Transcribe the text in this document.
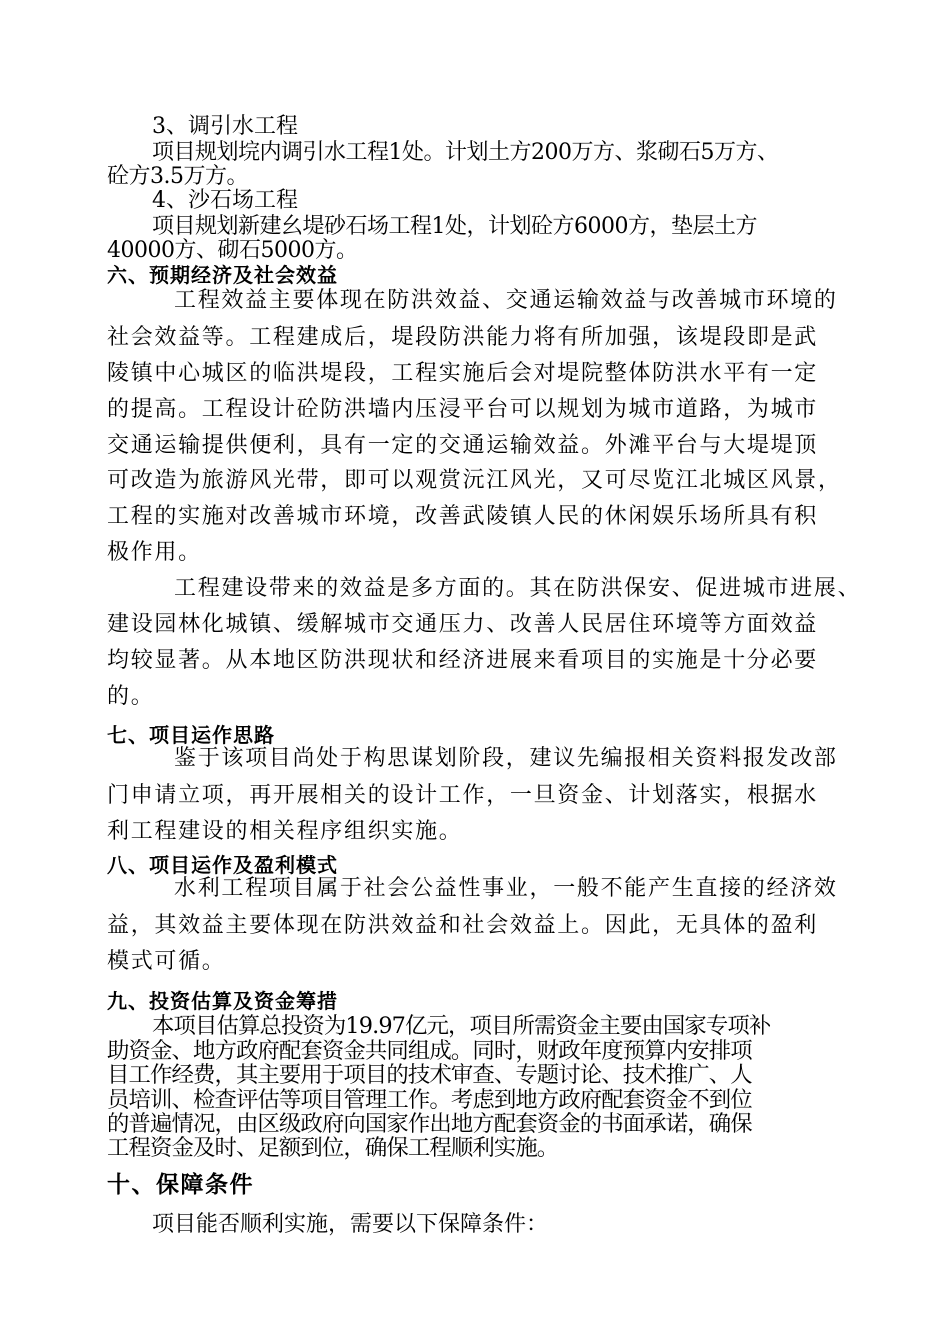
3、调引水工程
项目规划垸内调引水工程1处。计划土方200万方、浆砌石5万方、
砼方3.5万方。
4、沙石场工程
项目规划新建幺堤砂石场工程1处，计划砼方6000方，垫层土方
40000方、砌石5000方。
六、预期经济及社会效益
工程效益主要体现在防洪效益、交通运输效益与改善城市环境的
社会效益等。工程建成后，堤段防洪能力将有所加强，该堤段即是武
陵镇中心城区的临洪堤段，工程实施后会对堤院整体防洪水平有一定
的提高。工程设计砼防洪墙内压浸平台可以规划为城市道路，为城市
交通运输提供便利，具有一定的交通运输效益。外滩平台与大堤堤顶
可改造为旅游风光带，即可以观赏沅江风光，又可尽览江北城区风景，
工程的实施对改善城市环境，改善武陵镇人民的休闲娱乐场所具有积
极作用。
工程建设带来的效益是多方面的。其在防洪保安、促进城市进展、
建设园林化城镇、缓解城市交通压力、改善人民居住环境等方面效益
均较显著。从本地区防洪现状和经济进展来看项目的实施是十分必要
的。
七、项目运作思路
鉴于该项目尚处于构思谋划阶段，建议先编报相关资料报发改部
门申请立项，再开展相关的设计工作，一旦资金、计划落实，根据水
利工程建设的相关程序组织实施。
八、项目运作及盈利模式
水利工程项目属于社会公益性事业，一般不能产生直接的经济效
益，其效益主要体现在防洪效益和社会效益上。因此，无具体的盈利
模式可循。
九、投资估算及资金筹措
本项目估算总投资为19.97亿元，项目所需资金主要由国家专项补
助资金、地方政府配套资金共同组成。同时，财政年度预算内安排项
目工作经费，其主要用于项目的技术审查、专题讨论、技术推广、人
员培训、检查评估等项目管理工作。考虑到地方政府配套资金不到位
的普遍情况，由区级政府向国家作出地方配套资金的书面承诺，确保
工程资金及时、足额到位，确保工程顺利实施。
十、保障条件
项目能否顺利实施，需要以下保障条件：
